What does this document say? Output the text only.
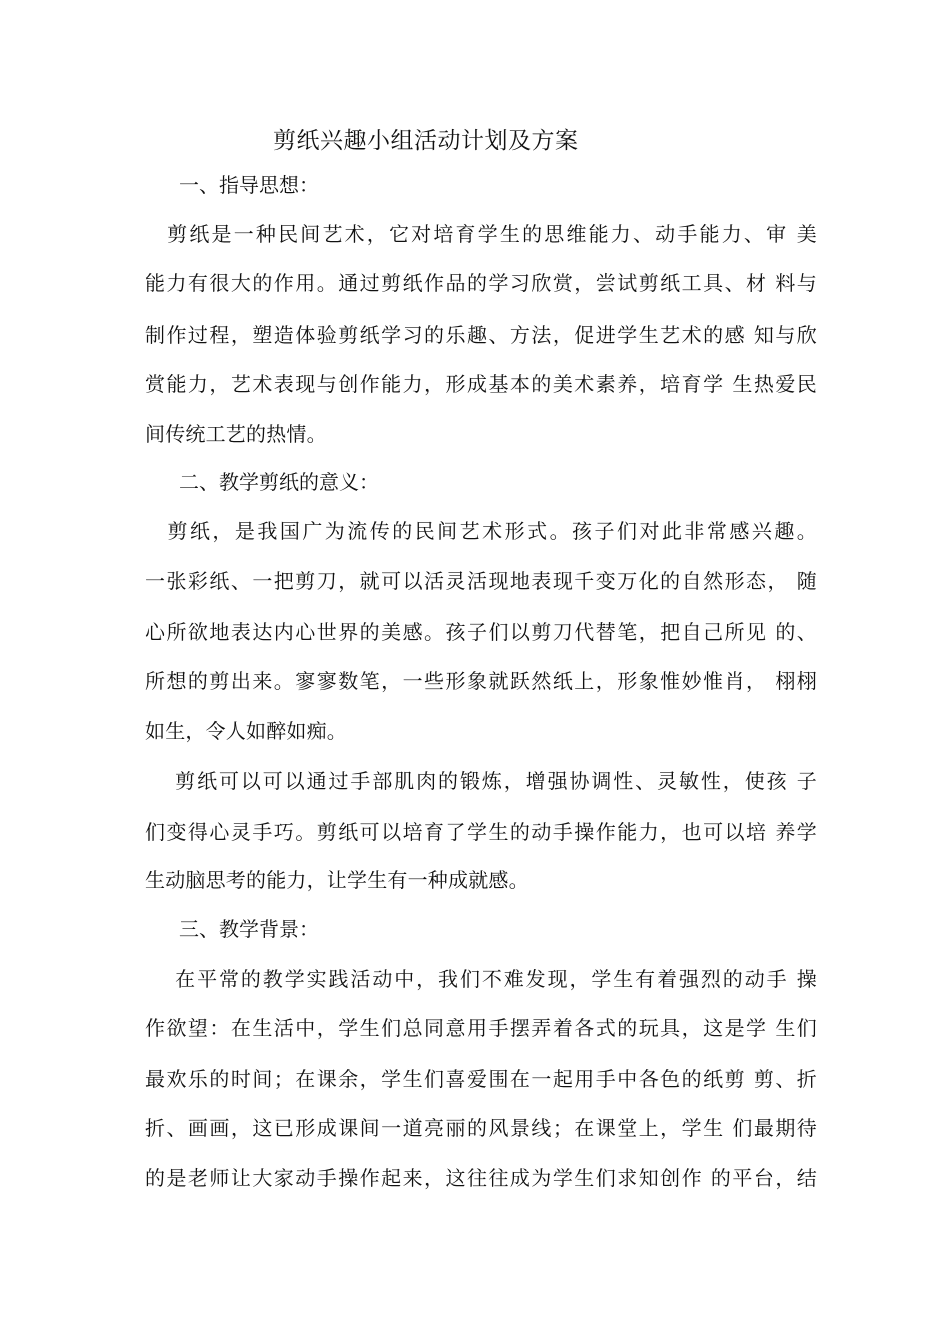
剪纸兴趣小组活动计划及方案
一、指导思想：
　剪纸是一种民间艺术，它对培育学生的思维能力、动手能力、审 美
能力有很大的作用。通过剪纸作品的学习欣赏，尝试剪纸工具、材 料与
制作过程，塑造体验剪纸学习的乐趣、方法，促进学生艺术的感 知与欣
赏能力，艺术表现与创作能力，形成基本的美术素养，培育学 生热爱民
间传统工艺的热情。
二、教学剪纸的意义：
　剪纸，是我国广为流传的民间艺术形式。孩子们对此非常感兴趣。
一张彩纸、一把剪刀，就可以活灵活现地表现千变万化的自然形态， 随
心所欲地表达内心世界的美感。孩子们以剪刀代替笔，把自己所见 的、
所想的剪出来。寥寥数笔，一些形象就跃然纸上，形象惟妙惟肖， 栩栩
如生，令人如醉如痴。
　 剪纸可以可以通过手部肌肉的锻炼，增强协调性、灵敏性，使孩 子
们变得心灵手巧。剪纸可以培育了学生的动手操作能力，也可以培 养学
生动脑思考的能力，让学生有一种成就感。
三、教学背景：
　 在平常的教学实践活动中，我们不难发现，学生有着强烈的动手 操
作欲望：在生活中，学生们总同意用手摆弄着各式的玩具，这是学 生们
最欢乐的时间；在课余，学生们喜爱围在一起用手中各色的纸剪 剪、折
折、画画，这已形成课间一道亮丽的风景线；在课堂上，学生 们最期待
的是老师让大家动手操作起来，这往往成为学生们求知创作 的平台，结
